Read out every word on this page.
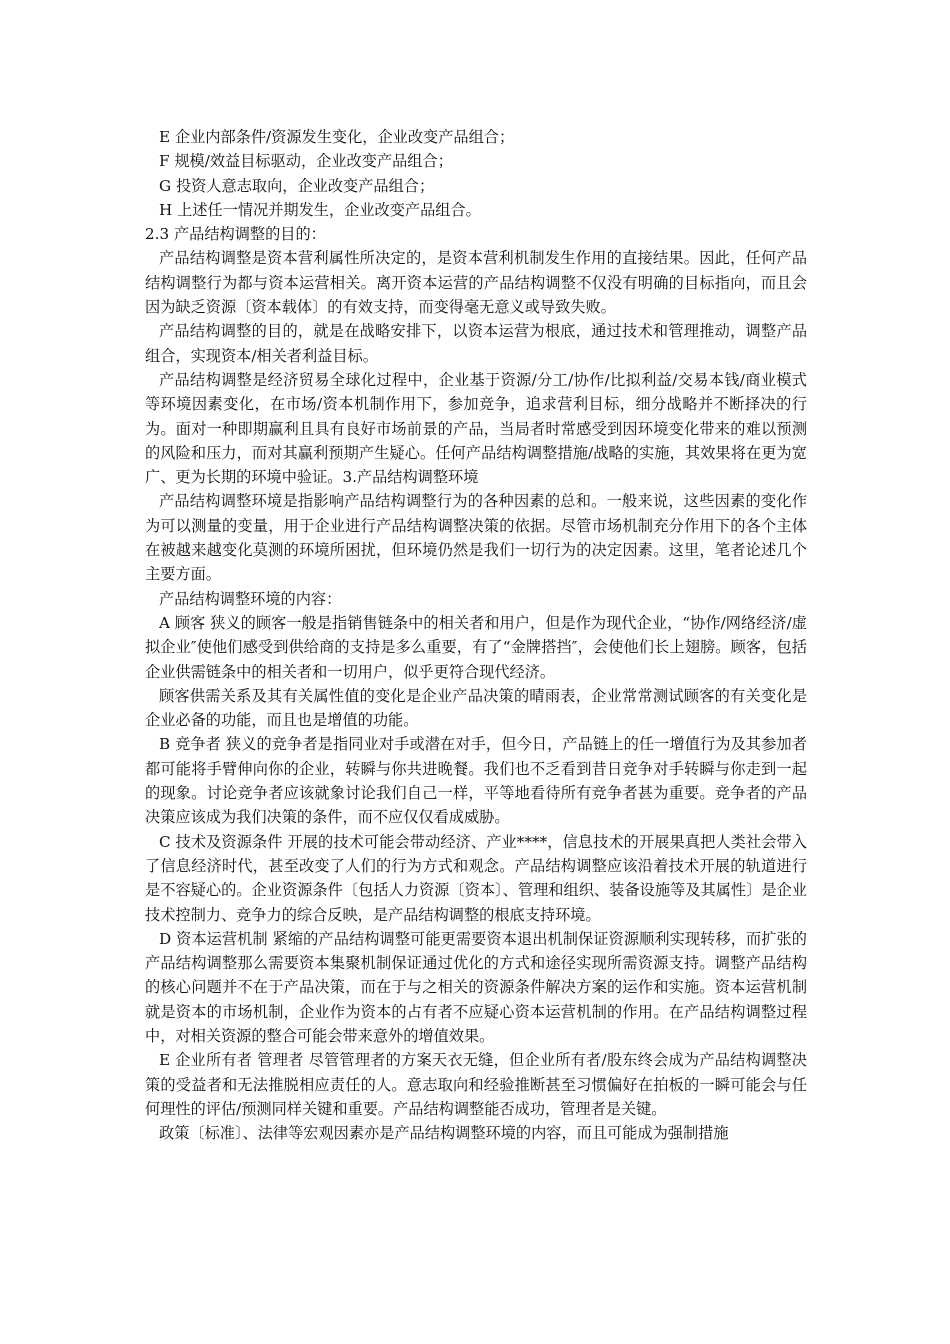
E 企业内部条件/资源发生变化，企业改变产品组合；

F 规模/效益目标驱动，企业改变产品组合；

G 投资人意志取向，企业改变产品组合；

H 上述任一情况并期发生，企业改变产品组合。

2.3 产品结构调整的目的：

产品结构调整是资本营利属性所决定的，是资本营利机制发生作用的直接结果。因此，任何产品结构调整行为都与资本运营相关。离开资本运营的产品结构调整不仅没有明确的目标指向，而且会因为缺乏资源〔资本载体〕的有效支持，而变得毫无意义或导致失败。

产品结构调整的目的，就是在战略安排下，以资本运营为根底，通过技术和管理推动，调整产品组合，实现资本/相关者利益目标。

产品结构调整是经济贸易全球化过程中，企业基于资源/分工/协作/比拟利益/交易本钱/商业模式等环境因素变化，在市场/资本机制作用下，参加竞争，追求营利目标，细分战略并不断择决的行为。面对一种即期赢利且具有良好市场前景的产品，当局者时常感受到因环境变化带来的难以预测的风险和压力，而对其赢利预期产生疑心。任何产品结构调整措施/战略的实施，其效果将在更为宽广、更为长期的环境中验证。3.产品结构调整环境

产品结构调整环境是指影响产品结构调整行为的各种因素的总和。一般来说，这些因素的变化作为可以测量的变量，用于企业进行产品结构调整决策的依据。尽管市场机制充分作用下的各个主体在被越来越变化莫测的环境所困扰，但环境仍然是我们一切行为的决定因素。这里，笔者论述几个主要方面。

产品结构调整环境的内容：

A 顾客 狭义的顾客一般是指销售链条中的相关者和用户，但是作为现代企业，“协作/网络经济/虚拟企业″使他们感受到供给商的支持是多么重要，有了“金牌搭挡″，会使他们长上翅膀。顾客，包括企业供需链条中的相关者和一切用户，似乎更符合现代经济。

顾客供需关系及其有关属性值的变化是企业产品决策的晴雨表，企业常常测试顾客的有关变化是企业必备的功能，而且也是增值的功能。

B 竞争者 狭义的竞争者是指同业对手或潜在对手，但今日，产品链上的任一增值行为及其参加者都可能将手臂伸向你的企业，转瞬与你共进晚餐。我们也不乏看到昔日竞争对手转瞬与你走到一起的现象。讨论竞争者应该就象讨论我们自己一样，平等地看待所有竞争者甚为重要。竞争者的产品决策应该成为我们决策的条件，而不应仅仅看成威胁。

C 技术及资源条件 开展的技术可能会带动经济、产业****，信息技术的开展果真把人类社会带入了信息经济时代，甚至改变了人们的行为方式和观念。产品结构调整应该沿着技术开展的轨道进行是不容疑心的。企业资源条件〔包括人力资源〔资本〕、管理和组织、装备设施等及其属性〕是企业技术控制力、竞争力的综合反映，是产品结构调整的根底支持环境。

D 资本运营机制 紧缩的产品结构调整可能更需要资本退出机制保证资源顺利实现转移，而扩张的产品结构调整那么需要资本集聚机制保证通过优化的方式和途径实现所需资源支持。调整产品结构的核心问题并不在于产品决策，而在于与之相关的资源条件解决方案的运作和实施。资本运营机制就是资本的市场机制，企业作为资本的占有者不应疑心资本运营机制的作用。在产品结构调整过程中，对相关资源的整合可能会带来意外的增值效果。

E 企业所有者 管理者 尽管管理者的方案天衣无缝，但企业所有者/股东终会成为产品结构调整决策的受益者和无法推脱相应责任的人。意志取向和经验推断甚至习惯偏好在拍板的一瞬可能会与任何理性的评估/预测同样关键和重要。产品结构调整能否成功，管理者是关键。

政策〔标准〕、法律等宏观因素亦是产品结构调整环境的内容，而且可能成为强制措施
